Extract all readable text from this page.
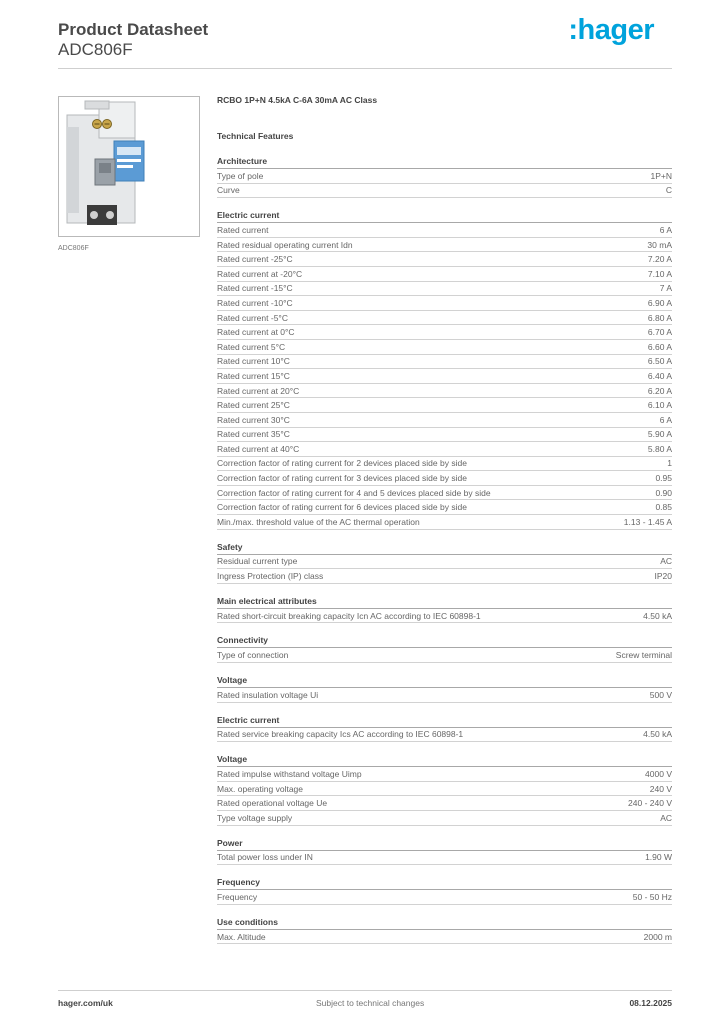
Product Datasheet
ADC806F
:hager
ADC806F
RCBO 1P+N 4.5kA C-6A 30mA AC Class
Technical Features
Architecture
Type of pole	1P+N
Curve	C
Electric current
Rated current	6 A
Rated residual operating current Idn	30 mA
Rated current -25°C	7.20 A
Rated current at -20°C	7.10 A
Rated current -15°C	7 A
Rated current -10°C	6.90 A
Rated current -5°C	6.80 A
Rated current at 0°C	6.70 A
Rated current 5°C	6.60 A
Rated current 10°C	6.50 A
Rated current 15°C	6.40 A
Rated current at 20°C	6.20 A
Rated current 25°C	6.10 A
Rated current 30°C	6 A
Rated current 35°C	5.90 A
Rated current at 40°C	5.80 A
Correction factor of rating current for 2 devices placed side by side	1
Correction factor of rating current for 3 devices placed side by side	0.95
Correction factor of rating current for 4 and 5 devices placed side by side	0.90
Correction factor of rating current for 6 devices placed side by side	0.85
Min./max. threshold value of the AC thermal operation	1.13 - 1.45 A
Safety
Residual current type	AC
Ingress Protection (IP) class	IP20
Main electrical attributes
Rated short-circuit breaking capacity Icn AC according to IEC 60898-1	4.50 kA
Connectivity
Type of connection	Screw terminal
Voltage
Rated insulation voltage Ui	500 V
Electric current
Rated service breaking capacity Ics AC according to IEC 60898-1	4.50 kA
Voltage
Rated impulse withstand voltage Uimp	4000 V
Max. operating voltage	240 V
Rated operational voltage Ue	240 - 240 V
Type voltage supply	AC
Power
Total power loss under IN	1.90 W
Frequency
Frequency	50 - 50 Hz
Use conditions
Max. Altitude	2000 m
hager.com/uk	Subject to technical changes	08.12.2025
